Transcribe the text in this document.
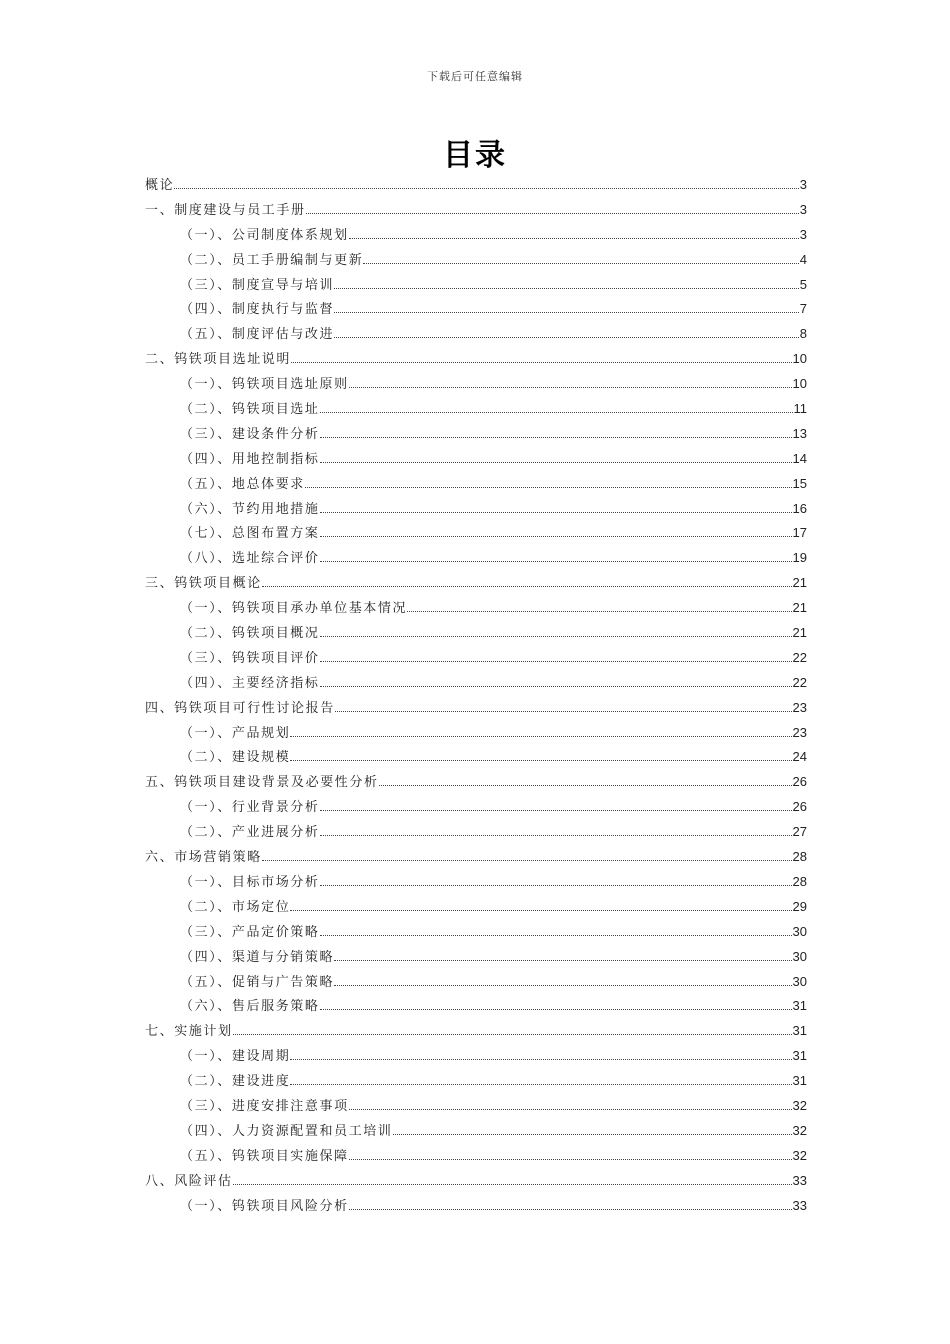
下载后可任意编辑
目录
概论	3
一、制度建设与员工手册	3
（一）、公司制度体系规划	3
（二）、员工手册编制与更新	4
（三）、制度宣导与培训	5
（四）、制度执行与监督	7
（五）、制度评估与改进	8
二、钨铁项目选址说明	10
（一）、钨铁项目选址原则	10
（二）、钨铁项目选址	11
（三）、建设条件分析	13
（四）、用地控制指标	14
（五）、地总体要求	15
（六）、节约用地措施	16
（七）、总图布置方案	17
（八）、选址综合评价	19
三、钨铁项目概论	21
（一）、钨铁项目承办单位基本情况	21
（二）、钨铁项目概况	21
（三）、钨铁项目评价	22
（四）、主要经济指标	22
四、钨铁项目可行性讨论报告	23
（一）、产品规划	23
（二）、建设规模	24
五、钨铁项目建设背景及必要性分析	26
（一）、行业背景分析	26
（二）、产业进展分析	27
六、市场营销策略	28
（一）、目标市场分析	28
（二）、市场定位	29
（三）、产品定价策略	30
（四）、渠道与分销策略	30
（五）、促销与广告策略	30
（六）、售后服务策略	31
七、实施计划	31
（一）、建设周期	31
（二）、建设进度	31
（三）、进度安排注意事项	32
（四）、人力资源配置和员工培训	32
（五）、钨铁项目实施保障	32
八、风险评估	33
（一）、钨铁项目风险分析	33
